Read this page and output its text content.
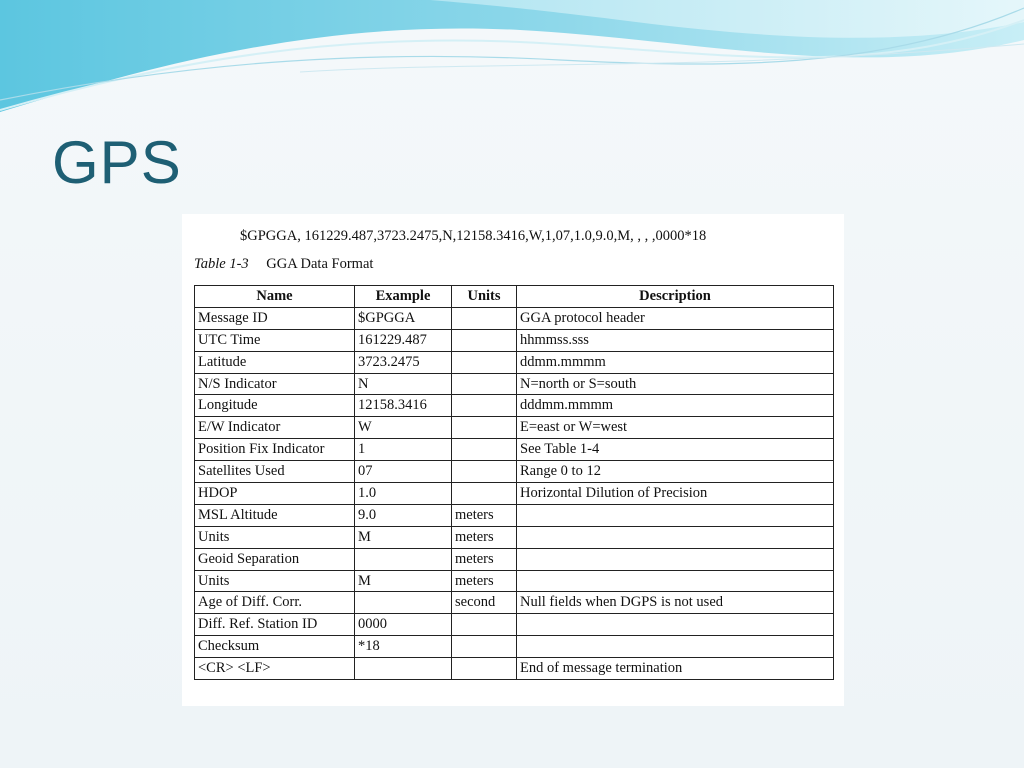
GPS
$GPGGA, 161229.487,3723.2475,N,12158.3416,W,1,07,1.0,9.0,M, , , ,0000*18
Table 1-3 GGA Data Format
Name	Example	Units	Description
Message ID	$GPGGA		GGA protocol header
UTC Time	161229.487		hhmmss.sss
Latitude	3723.2475		ddmm.mmmm
N/S Indicator	N		N=north or S=south
Longitude	12158.3416		dddmm.mmmm
E/W Indicator	W		E=east or W=west
Position Fix Indicator	1		See Table 1-4
Satellites Used	07		Range 0 to 12
HDOP	1.0		Horizontal Dilution of Precision
MSL Altitude	9.0	meters	
Units	M	meters	
Geoid Separation		meters	
Units	M	meters	
Age of Diff. Corr.		second	Null fields when DGPS is not used
Diff. Ref. Station ID	0000		
Checksum	*18		
<CR> <LF>			End of message termination
